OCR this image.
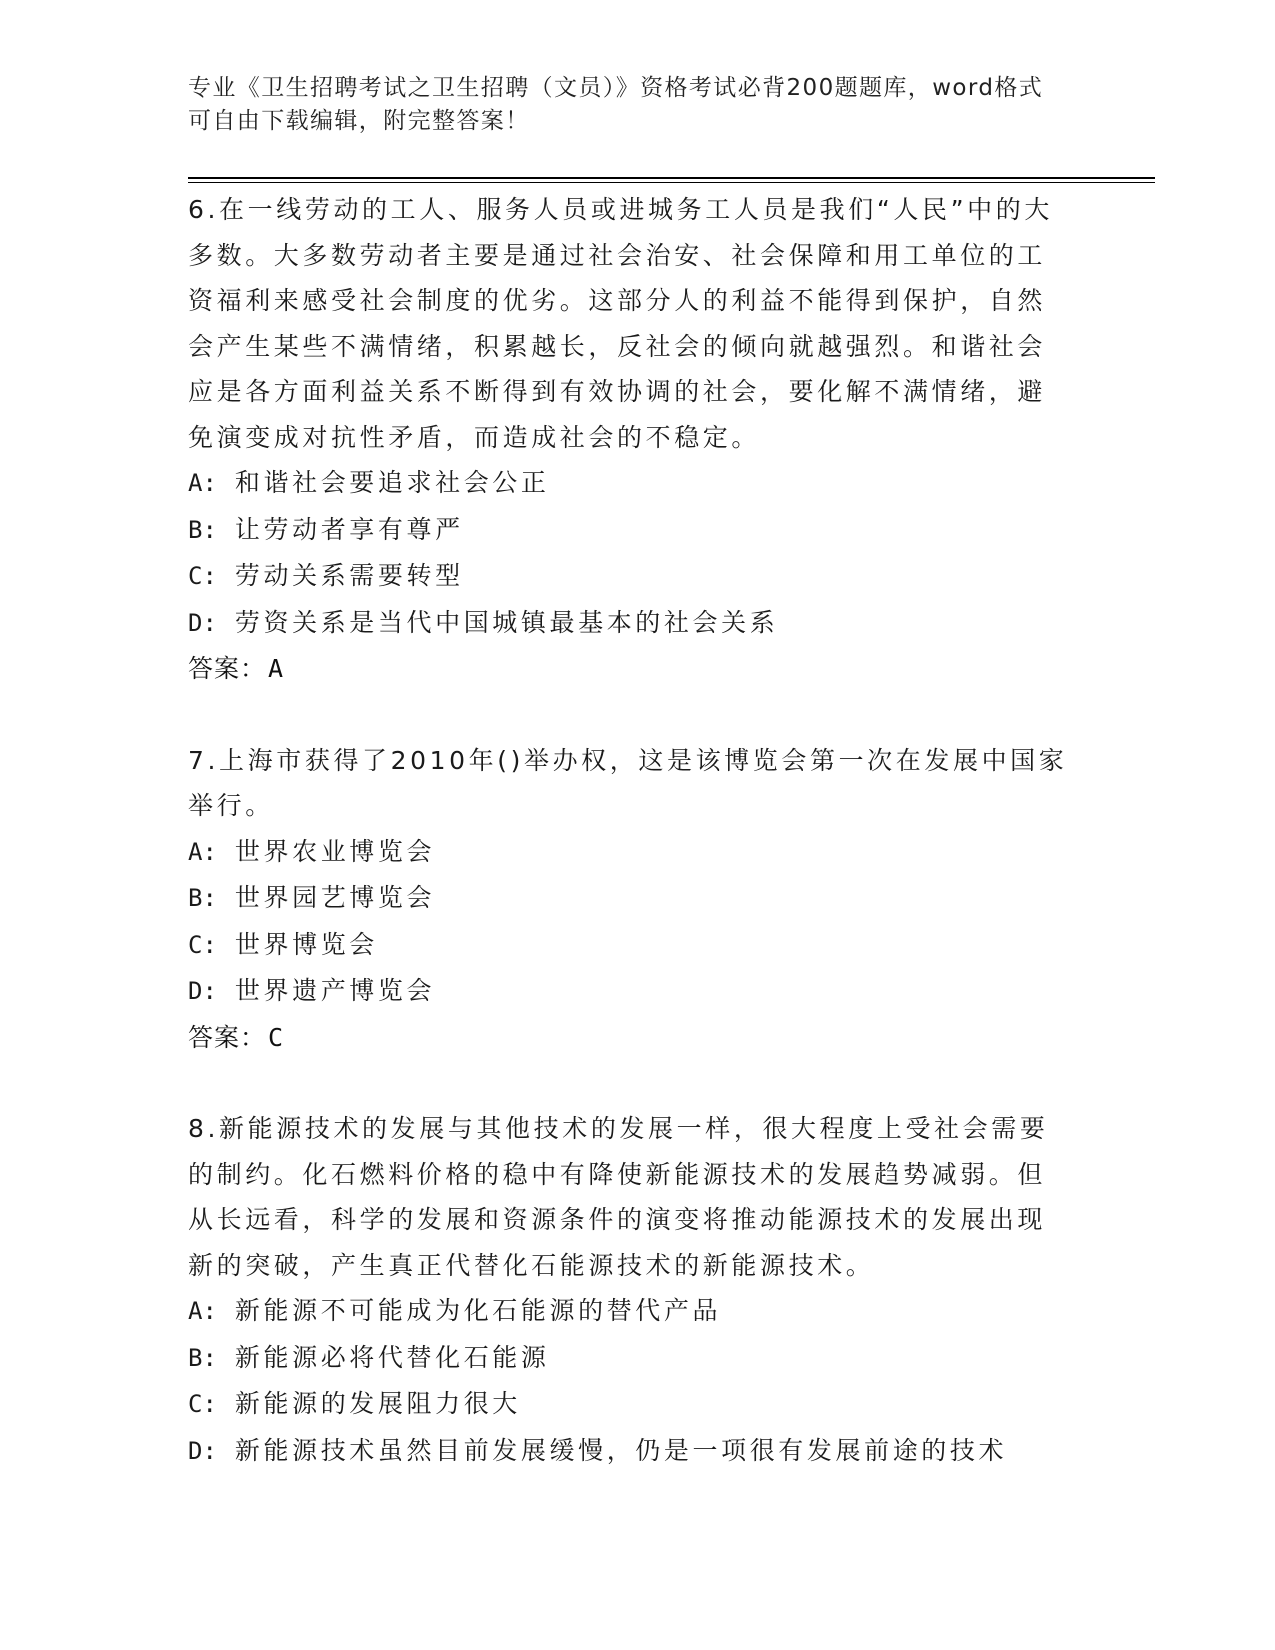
专业《卫生招聘考试之卫生招聘（文员）》资格考试必背200题题库，word格式
可自由下载编辑，附完整答案！

6.在一线劳动的工人、服务人员或进城务工人员是我们“人民”中的大多数。大多数劳动者主要是通过社会治安、社会保障和用工单位的工资福利来感受社会制度的优劣。这部分人的利益不能得到保护，自然会产生某些不满情绪，积累越长，反社会的倾向就越强烈。和谐社会应是各方面利益关系不断得到有效协调的社会，要化解不满情绪，避免演变成对抗性矛盾，而造成社会的不稳定。

A: 和谐社会要追求社会公正

B: 让劳动者享有尊严

C: 劳动关系需要转型

D: 劳资关系是当代中国城镇最基本的社会关系

答案：A

7.上海市获得了2010年()举办权，这是该博览会第一次在发展中国家举行。

A: 世界农业博览会

B: 世界园艺博览会

C: 世界博览会

D: 世界遗产博览会

答案：C

8.新能源技术的发展与其他技术的发展一样，很大程度上受社会需要的制约。化石燃料价格的稳中有降使新能源技术的发展趋势减弱。但从长远看，科学的发展和资源条件的演变将推动能源技术的发展出现新的突破，产生真正代替化石能源技术的新能源技术。

A: 新能源不可能成为化石能源的替代产品

B: 新能源必将代替化石能源

C: 新能源的发展阻力很大

D: 新能源技术虽然目前发展缓慢，仍是一项很有发展前途的技术
